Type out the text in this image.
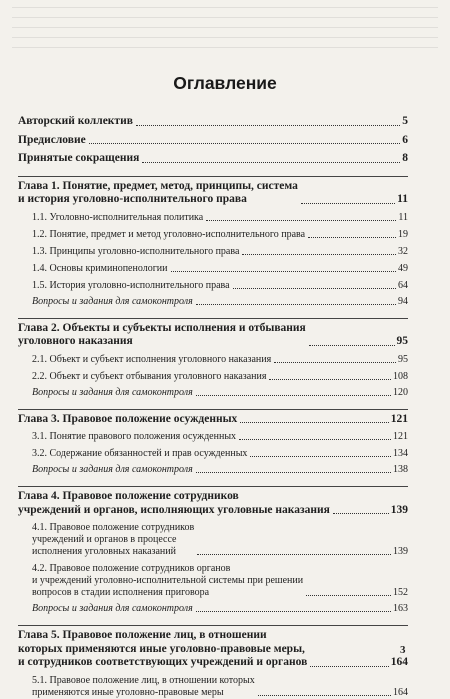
Оглавление
Авторский коллектив	5
Предисловие	6
Принятые сокращения	8
Глава 1. Понятие, предмет, метод, принципы, система
и история уголовно-исполнительного права	11
1.1. Уголовно-исполнительная политика	11
1.2. Понятие, предмет и метод уголовно-исполнительного права	19
1.3. Принципы уголовно-исполнительного права	32
1.4. Основы криминопенологии	49
1.5. История уголовно-исполнительного права	64
Вопросы и задания для самоконтроля	94
Глава 2. Объекты и субъекты исполнения и отбывания
уголовного наказания	95
2.1. Объект и субъект исполнения уголовного наказания	95
2.2. Объект и субъект отбывания уголовного наказания	108
Вопросы и задания для самоконтроля	120
Глава 3. Правовое положение осужденных	121
3.1. Понятие правового положения осужденных	121
3.2. Содержание обязанностей и прав осужденных	134
Вопросы и задания для самоконтроля	138
Глава 4. Правовое положение сотрудников
учреждений и органов, исполняющих уголовные наказания	139
4.1. Правовое положение сотрудников
учреждений и органов в процессе
исполнения уголовных наказаний	139
4.2. Правовое положение сотрудников органов
и учреждений уголовно-исполнительной системы при решении
вопросов в стадии исполнения приговора	152
Вопросы и задания для самоконтроля	163
Глава 5. Правовое положение лиц, в отношении
которых применяются иные уголовно-правовые меры,
и сотрудников соответствующих учреждений и органов	164
5.1. Правовое положение лиц, в отношении которых
применяются иные уголовно-правовые меры	164
3
